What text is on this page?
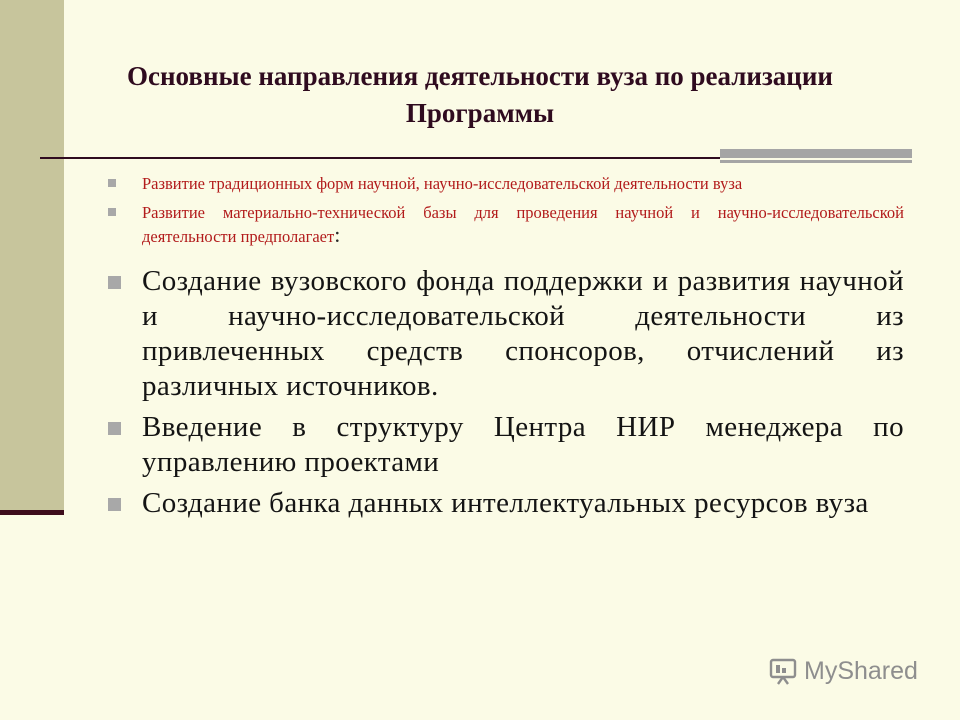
Основные направления деятельности вуза по реализации Программы
Развитие традиционных форм научной, научно-исследовательской деятельности вуза
Развитие материально-технической базы для проведения научной и научно-исследовательской деятельности предполагает:
Создание вузовского фонда поддержки и развития научной и научно-исследовательской деятельности из привлеченных средств спонсоров, отчислений из различных источников.
Введение в структуру Центра НИР менеджера по управлению проектами
Создание банка данных интеллектуальных ресурсов вуза
MyShared
